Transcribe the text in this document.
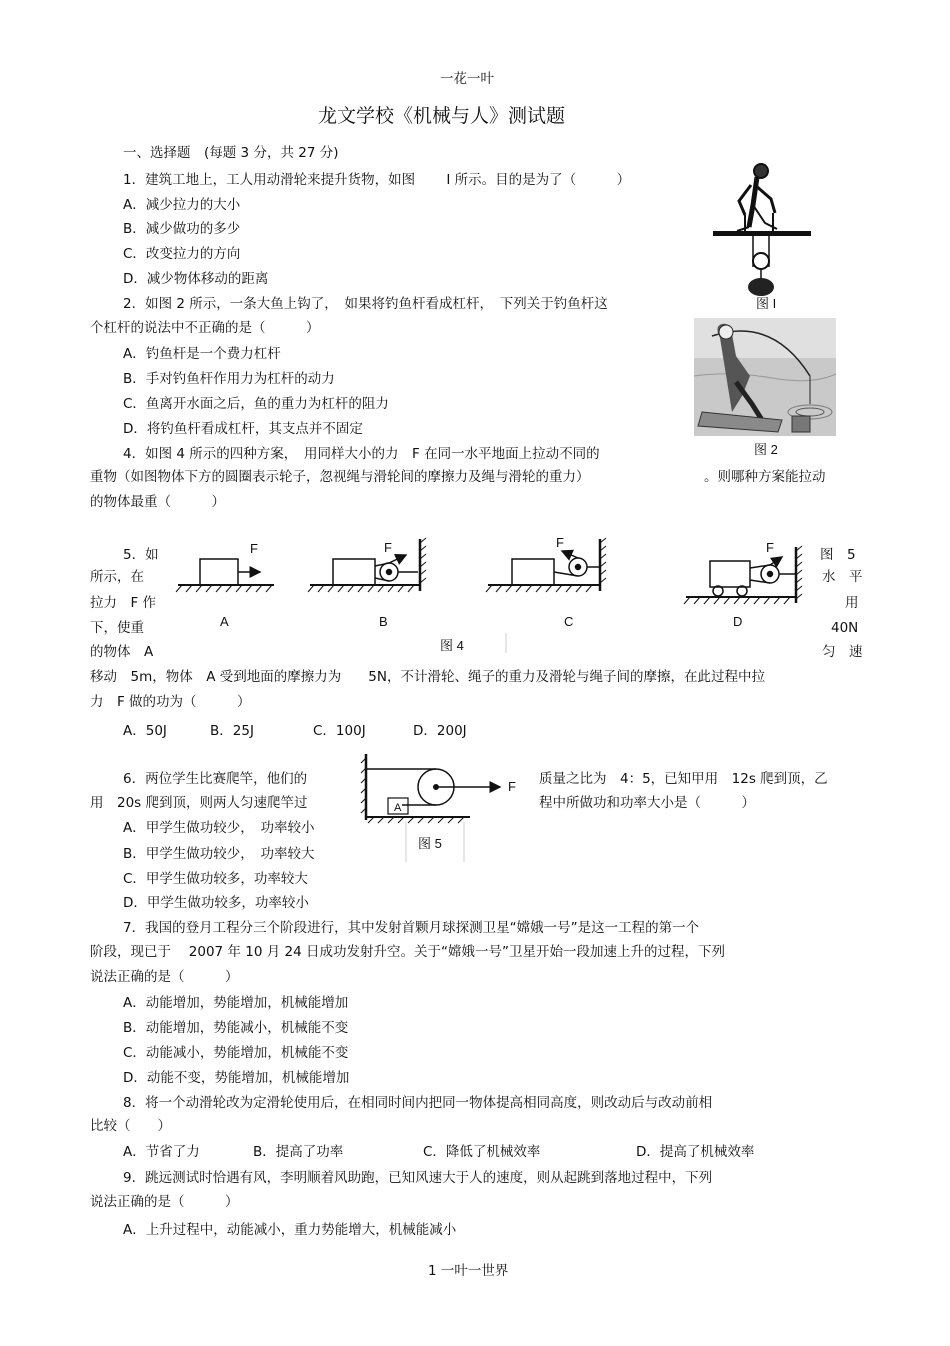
一花一叶
龙文学校《机械与人》测试题
一、选择题　(每题 3 分，共 27 分)
1．建筑工地上，工人用动滑轮来提升货物，如图　　 I 所示。目的是为了（　　　）
A．减少拉力的大小
B．减少做功的多少
C．改变拉力的方向
D．减少物体移动的距离
2．如图 2 所示，一条大鱼上钩了，　如果将钓鱼杆看成杠杆，　下列关于钓鱼杆这
个杠杆的说法中不正确的是（　　　）
A．钓鱼杆是一个费力杠杆
B．手对钓鱼杆作用力为杠杆的动力
C．鱼离开水面之后，鱼的重力为杠杆的阻力
D．将钓鱼杆看成杠杆，其支点并不固定
4．如图 4 所示的四种方案，　用同样大小的力　F 在同一水平地面上拉动不同的
重物（如图物体下方的圆圈表示轮子，忽视绳与滑轮间的摩擦力及绳与滑轮的重力）	。则哪种方案能拉动
的物体最重（　　　）
5．如
所示，在
拉力　F 作
下，使重
的物体　A
图　5
水　平
用
40N
匀　速
移动　5m，物体　A 受到地面的摩擦力为　　5N，不计滑轮、绳子的重力及滑轮与绳子间的摩擦，在此过程中拉
力　F 做的功为（　　　）
A．50J	B．25J	C．100J	D．200J
6．两位学生比赛爬竿，他们的	质量之比为　4：5，已知甲用　12s 爬到顶，乙
用　20s 爬到顶，则两人匀速爬竿过	程中所做功和功率大小是（　　　）
A．甲学生做功较少，　功率较小
B．甲学生做功较少，　功率较大
C．甲学生做功较多，功率较大
D．甲学生做功较多，功率较小
7．我国的登月工程分三个阶段进行，其中发射首颗月球探测卫星“嫦娥一号”是这一工程的第一个
阶段，现已于　 2007 年 10 月 24 日成功发射升空。关于“嫦娥一号”卫星开始一段加速上升的过程，下列
说法正确的是（　　　）
A．动能增加，势能增加，机械能增加
B．动能增加，势能减小，机械能不变
C．动能减小，势能增加，机械能不变
D．动能不变，势能增加，机械能增加
8．将一个动滑轮改为定滑轮使用后，在相同时间内把同一物体提高相同高度，则改动后与改动前相
比较（　　）
A．节省了力	B．提高了功率	C．降低了机械效率	D．提高了机械效率
9．跳远测试时恰遇有风，李明顺着风助跑，已知风速大于人的速度，则从起跳到落地过程中，下列
说法正确的是（　　　）
A．上升过程中，动能减小，重力势能增大，机械能减小
1 一叶一世界
图 I
图 2
F	F	F	F
A	B	C	D
图 4
A
F
图 5
